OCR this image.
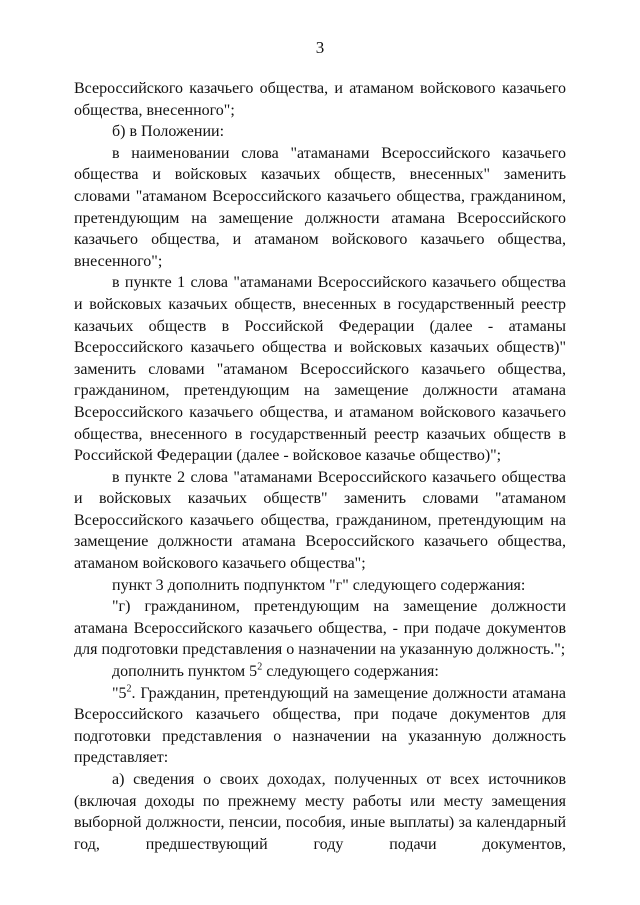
3

Всероссийского казачьего общества, и атаманом войскового казачьего общества, внесенного";

б) в Положении:

в наименовании слова "атаманами Всероссийского казачьего общества и войсковых казачьих обществ, внесенных" заменить словами "атаманом Всероссийского казачьего общества, гражданином, претендующим на замещение должности атамана Всероссийского казачьего общества, и атаманом войскового казачьего общества, внесенного";

в пункте 1 слова "атаманами Всероссийского казачьего общества и войсковых казачьих обществ, внесенных в государственный реестр казачьих обществ в Российской Федерации (далее - атаманы Всероссийского казачьего общества и войсковых казачьих обществ)" заменить словами "атаманом Всероссийского казачьего общества, гражданином, претендующим на замещение должности атамана Всероссийского казачьего общества, и атаманом войскового казачьего общества, внесенного в государственный реестр казачьих обществ в Российской Федерации (далее - войсковое казачье общество)";

в пункте 2 слова "атаманами Всероссийского казачьего общества и войсковых казачьих обществ" заменить словами "атаманом Всероссийского казачьего общества, гражданином, претендующим на замещение должности атамана Всероссийского казачьего общества, атаманом войскового казачьего общества";

пункт 3 дополнить подпунктом "г" следующего содержания:

"г) гражданином, претендующим на замещение должности атамана Всероссийского казачьего общества, - при подаче документов для подготовки представления о назначении на указанную должность.";

дополнить пунктом $5^2$ следующего содержания:

"$5^2$. Гражданин, претендующий на замещение должности атамана Всероссийского казачьего общества, при подаче документов для подготовки представления о назначении на указанную должность представляет:

а) сведения о своих доходах, полученных от всех источников (включая доходы по прежнему месту работы или месту замещения выборной должности, пенсии, пособия, иные выплаты) за календарный год, предшествующий году подачи документов,
